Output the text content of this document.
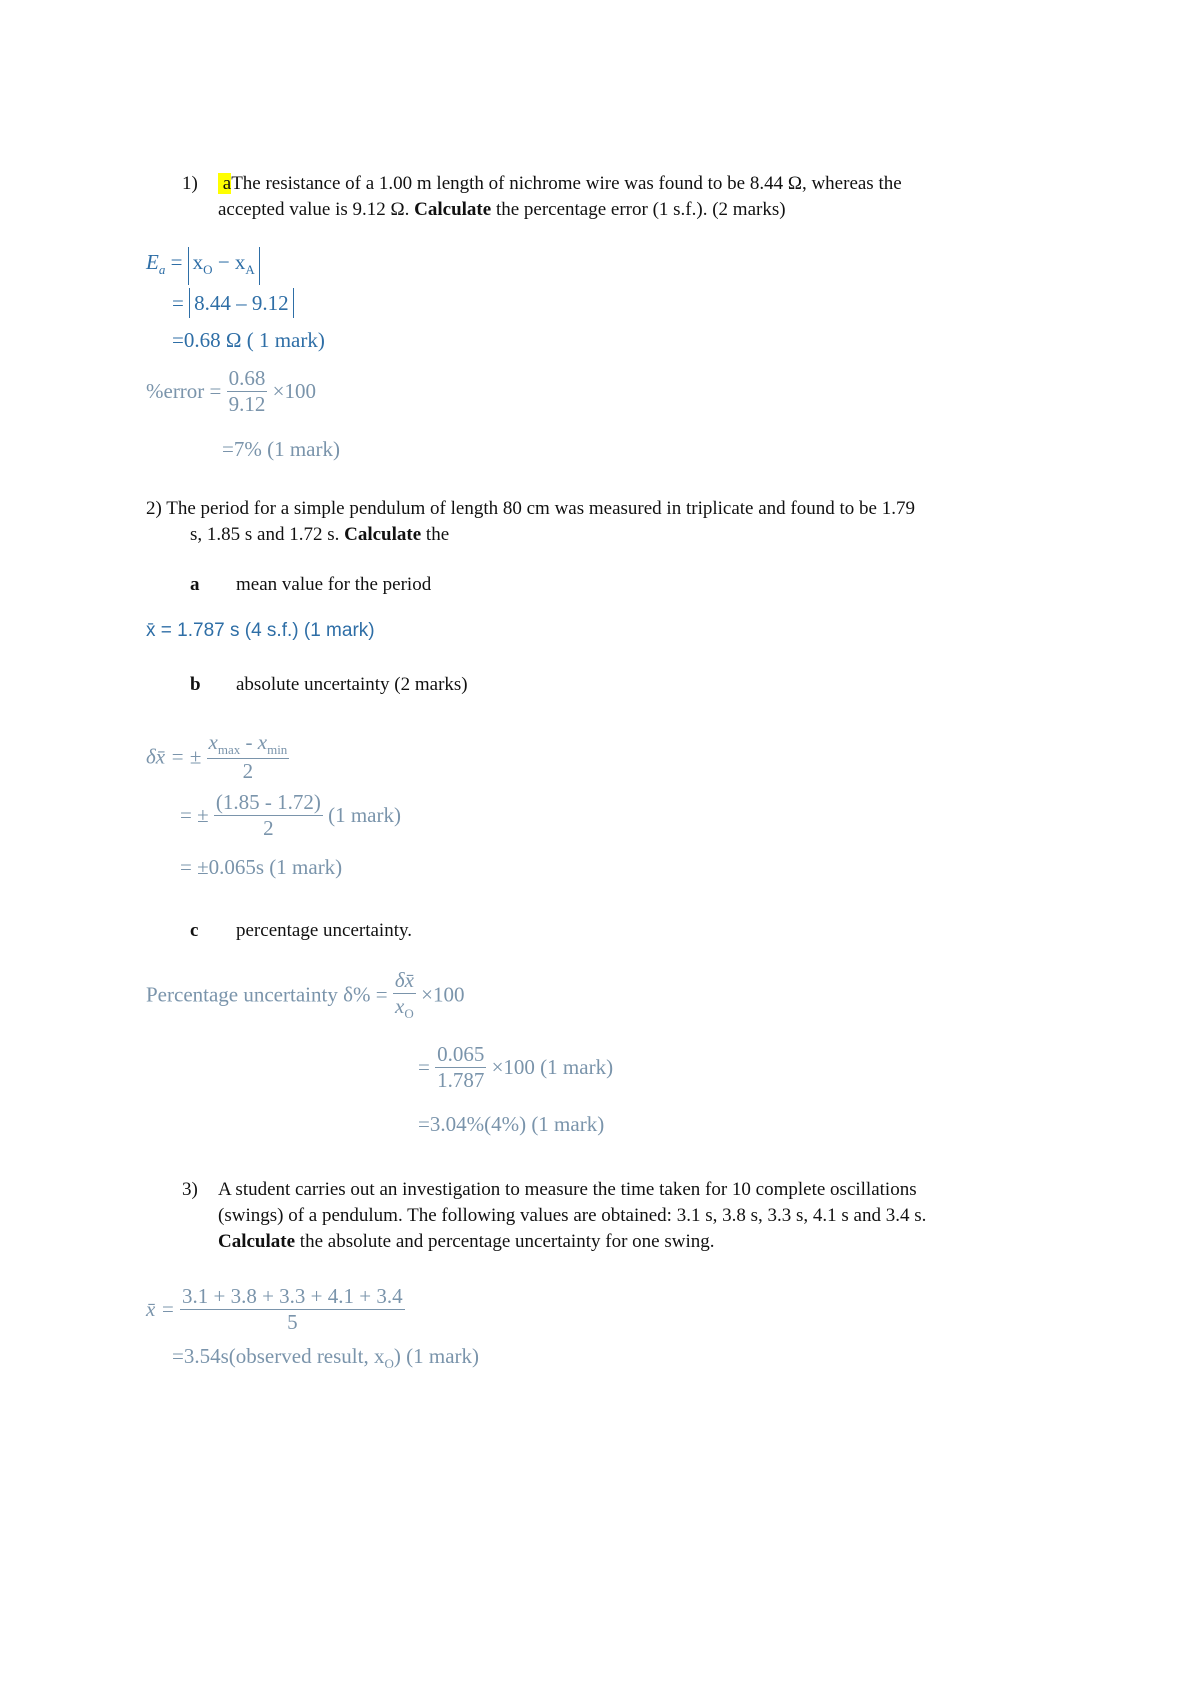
1) aThe resistance of a 1.00 m length of nichrome wire was found to be 8.44 Ω, whereas the
accepted value is 9.12 Ω. Calculate the percentage error (1 s.f.). (2 marks)
$E_a = x_O - x_A$
= 8.44 – 9.12
=0.68 Ω ( 1 mark)
%error = $\frac{0.68}{9.12} \times 100$
=7% (1 mark)
2) The period for a simple pendulum of length 80 cm was measured in triplicate and found to be 1.79
s, 1.85 s and 1.72 s. Calculate the
a mean value for the period
x̄ = 1.787 s (4 s.f.) (1 mark)
b absolute uncertainty (2 marks)
δx̄ = ± $\frac{x_{max} - x_{min}}{2}$
= ± $\frac{(1.85 - 1.72)}{2} (1$ mark)
= ±0.065s (1 mark)
c percentage uncertainty.
Percentage uncertainty $\delta\% = \frac{\delta x̄}{x_O} \times 100$
= $\frac{0.065}{1.787} \times 100$ (1 mark)
=3.04%(4%) (1 mark)
3) A student carries out an investigation to measure the time taken for 10 complete oscillations
(swings) of a pendulum. The following values are obtained: 3.1 s, 3.8 s, 3.3 s, 4.1 s and 3.4 s.
Calculate the absolute and percentage uncertainty for one swing.
x̄ = $\frac{3.1 + 3.8 + 3.3 + 4.1 + 3.4}{5}$
=3.54s(observed result, $x_O$) (1 mark)
